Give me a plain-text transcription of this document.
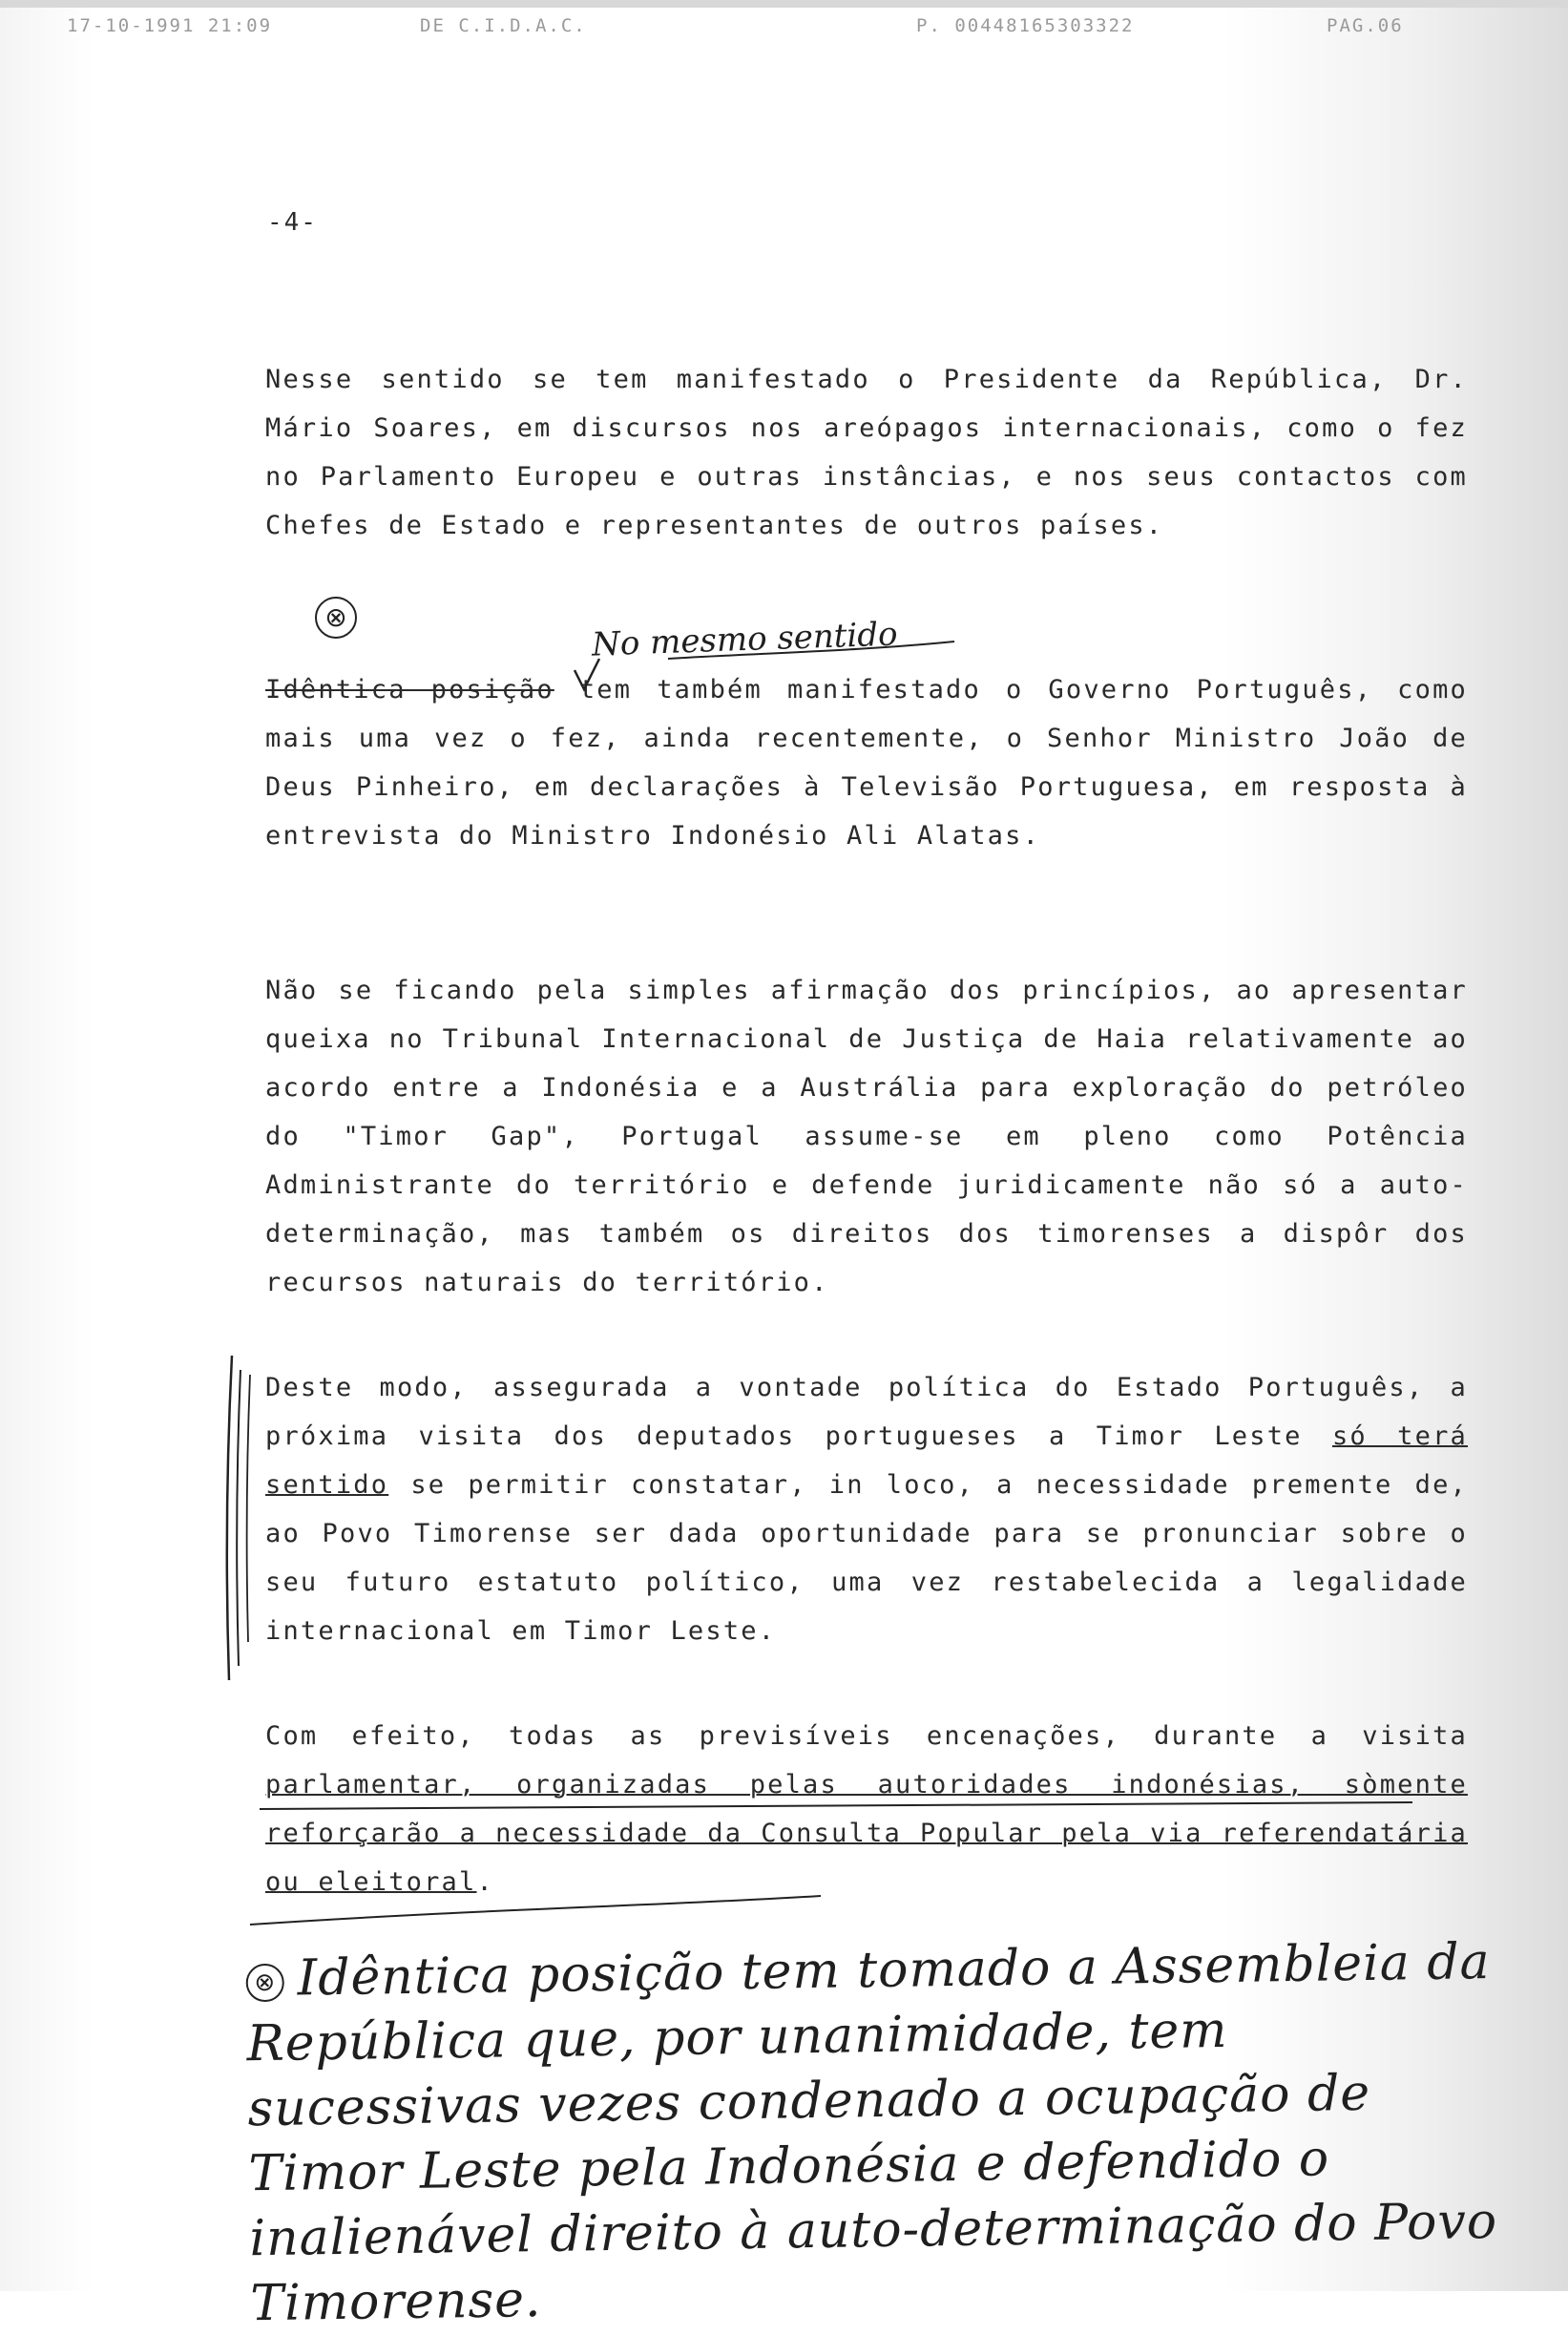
17-10-1991 21:09	DE C.I.D.A.C.	P. 00448165303322	PAG.06
-4-
Nesse sentido se tem manifestado o Presidente da República, Dr. Mário Soares, em discursos nos areópagos internacionais, como o fez no Parlamento Europeu e outras instâncias, e nos seus contactos com Chefes de Estado e representantes de outros países.
⊗	No mesmo sentido
Idêntica posição tem também manifestado o Governo Português, como mais uma vez o fez, ainda recentemente, o Senhor Ministro João de Deus Pinheiro, em declarações à Televisão Portuguesa, em resposta à entrevista do Ministro Indonésio Ali Alatas.
Não se ficando pela simples afirmação dos princípios, ao apresentar queixa no Tribunal Internacional de Justiça de Haia relativamente ao acordo entre a Indonésia e a Austrália para exploração do petróleo do "Timor Gap", Portugal assume-se em pleno como Potência Administrante do território e defende juridicamente não só a auto-determinação, mas também os direitos dos timorenses a dispôr dos recursos naturais do território.
Deste modo, assegurada a vontade política do Estado Português, a próxima visita dos deputados portugueses a Timor Leste só terá sentido se permitir constatar, in loco, a necessidade premente de, ao Povo Timorense ser dada oportunidade para se pronunciar sobre o seu futuro estatuto político, uma vez restabelecida a legalidade internacional em Timor Leste.
Com efeito, todas as previsíveis encenações, durante a visita parlamentar, organizadas pelas autoridades indonésias, sòmente reforçarão a necessidade da Consulta Popular pela via referendatária ou eleitoral.
⊗ Idêntica posição tem tomado a Assembleia da República que, por unanimidade, tem sucessivas vezes condenado a ocupação de Timor Leste pela Indonésia e defendido o inalienável direito à auto-determinação do Povo Timorense.
